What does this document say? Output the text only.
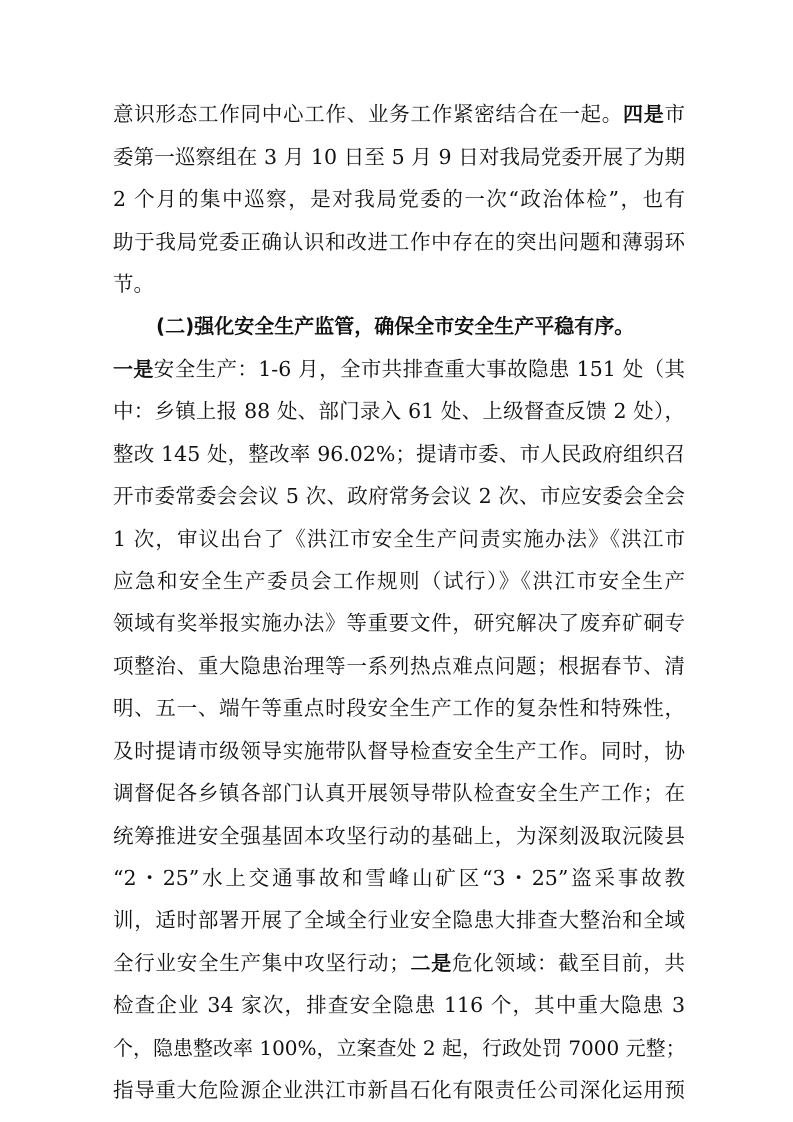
意识形态工作同中心工作、业务工作紧密结合在一起。四是市
委第一巡察组在 3 月 10 日至 5 月 9 日对我局党委开展了为期
2 个月的集中巡察，是对我局党委的一次“政治体检”，也有
助于我局党委正确认识和改进工作中存在的突出问题和薄弱环
节。
(二)强化安全生产监管，确保全市安全生产平稳有序。
一是安全生产：1-6 月，全市共排查重大事故隐患 151 处（其
中：乡镇上报 88 处、部门录入 61 处、上级督查反馈 2 处），
整改 145 处，整改率 96.02%；提请市委、市人民政府组织召
开市委常委会会议 5 次、政府常务会议 2 次、市应安委会全会
1 次，审议出台了《洪江市安全生产问责实施办法》《洪江市
应急和安全生产委员会工作规则（试行）》《洪江市安全生产
领域有奖举报实施办法》等重要文件，研究解决了废弃矿硐专
项整治、重大隐患治理等一系列热点难点问题；根据春节、清
明、五一、端午等重点时段安全生产工作的复杂性和特殊性，
及时提请市级领导实施带队督导检查安全生产工作。同时，协
调督促各乡镇各部门认真开展领导带队检查安全生产工作；在
统筹推进安全强基固本攻坚行动的基础上，为深刻汲取沅陵县
“2・25”水上交通事故和雪峰山矿区“3・25”盗采事故教
训，适时部署开展了全域全行业安全隐患大排查大整治和全域
全行业安全生产集中攻坚行动；二是危化领域：截至目前，共
检查企业 34 家次，排查安全隐患 116 个，其中重大隐患 3
个，隐患整改率 100%，立案查处 2 起，行政处罚 7000 元整；
指导重大危险源企业洪江市新昌石化有限责任公司深化运用预
